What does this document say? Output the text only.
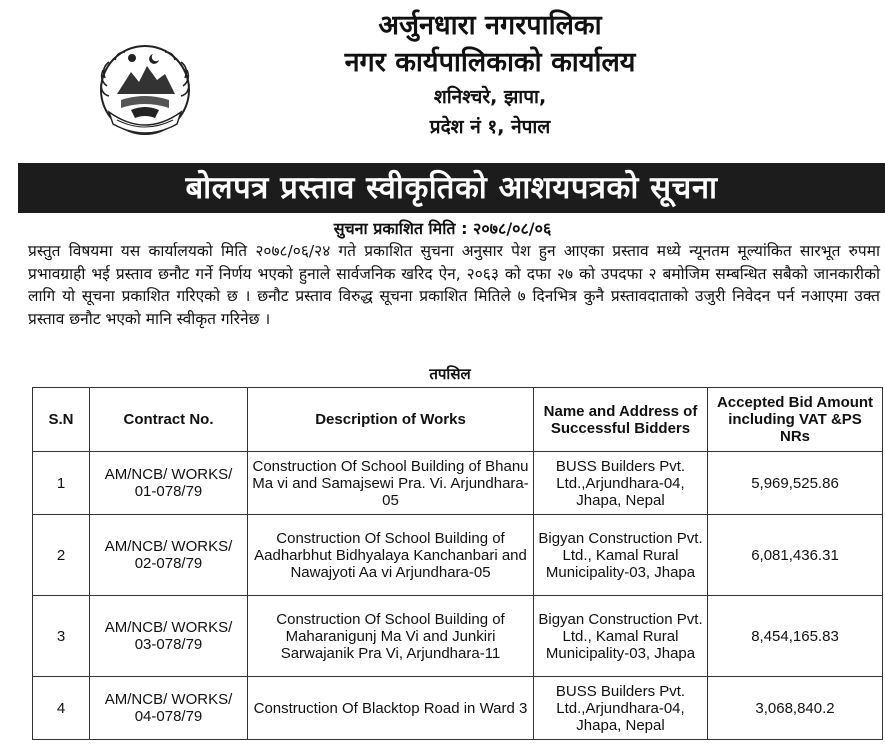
अर्जुनधारा नगरपालिका
नगर कार्यपालिकाको कार्यालय
शनिश्चरे, झापा,
प्रदेश नं १, नेपाल
बोलपत्र प्रस्ताव स्वीकृतिको आशयपत्रको सूचना
सुचना प्रकाशित मिति : २०७८/०८/०६
प्रस्तुत विषयमा यस कार्यालयको मिति २०७८/०६/२४ गते प्रकाशित सुचना अनुसार पेश हुन आएका प्रस्ताव मध्ये न्यूनतम मूल्यांकित सारभूत रुपमा प्रभावग्राही भई प्रस्ताव छनौट गर्ने निर्णय भएको हुनाले सार्वजनिक खरिद ऐन, २०६३ को दफा २७ को उपदफा २ बमोजिम सम्बन्धित सबैको जानकारीको लागि यो सूचना प्रकाशित गरिएको छ । छनौट प्रस्ताव विरुद्ध सूचना प्रकाशित मितिले ७ दिनभित्र कुनै प्रस्तावदाताको उजुरी निवेदन पर्न नआएमा उक्त प्रस्ताव छनौट भएको मानि स्वीकृत गरिनेछ ।
तपसिल
S.N	Contract No.	Description of Works	Name and Address of Successful Bidders	Accepted Bid Amount including VAT &PS NRs
1	AM/NCB/ WORKS/ 01-078/79	Construction Of School Building of Bhanu Ma vi and Samajsewi Pra. Vi. Arjundhara-05	BUSS Builders Pvt. Ltd.,Arjundhara-04, Jhapa, Nepal	5,969,525.86
2	AM/NCB/ WORKS/ 02-078/79	Construction Of School Building of Aadharbhut Bidhyalaya Kanchanbari and Nawajyoti Aa vi Arjundhara-05	Bigyan Construction Pvt. Ltd., Kamal Rural Municipality-03, Jhapa	6,081,436.31
3	AM/NCB/ WORKS/ 03-078/79	Construction Of School Building of Maharanigunj Ma Vi and Junkiri Sarwajanik Pra Vi, Arjundhara-11	Bigyan Construction Pvt. Ltd., Kamal Rural Municipality-03, Jhapa	8,454,165.83
4	AM/NCB/ WORKS/ 04-078/79	Construction Of Blacktop Road in Ward 3	BUSS Builders Pvt. Ltd.,Arjundhara-04, Jhapa, Nepal	3,068,840.2
